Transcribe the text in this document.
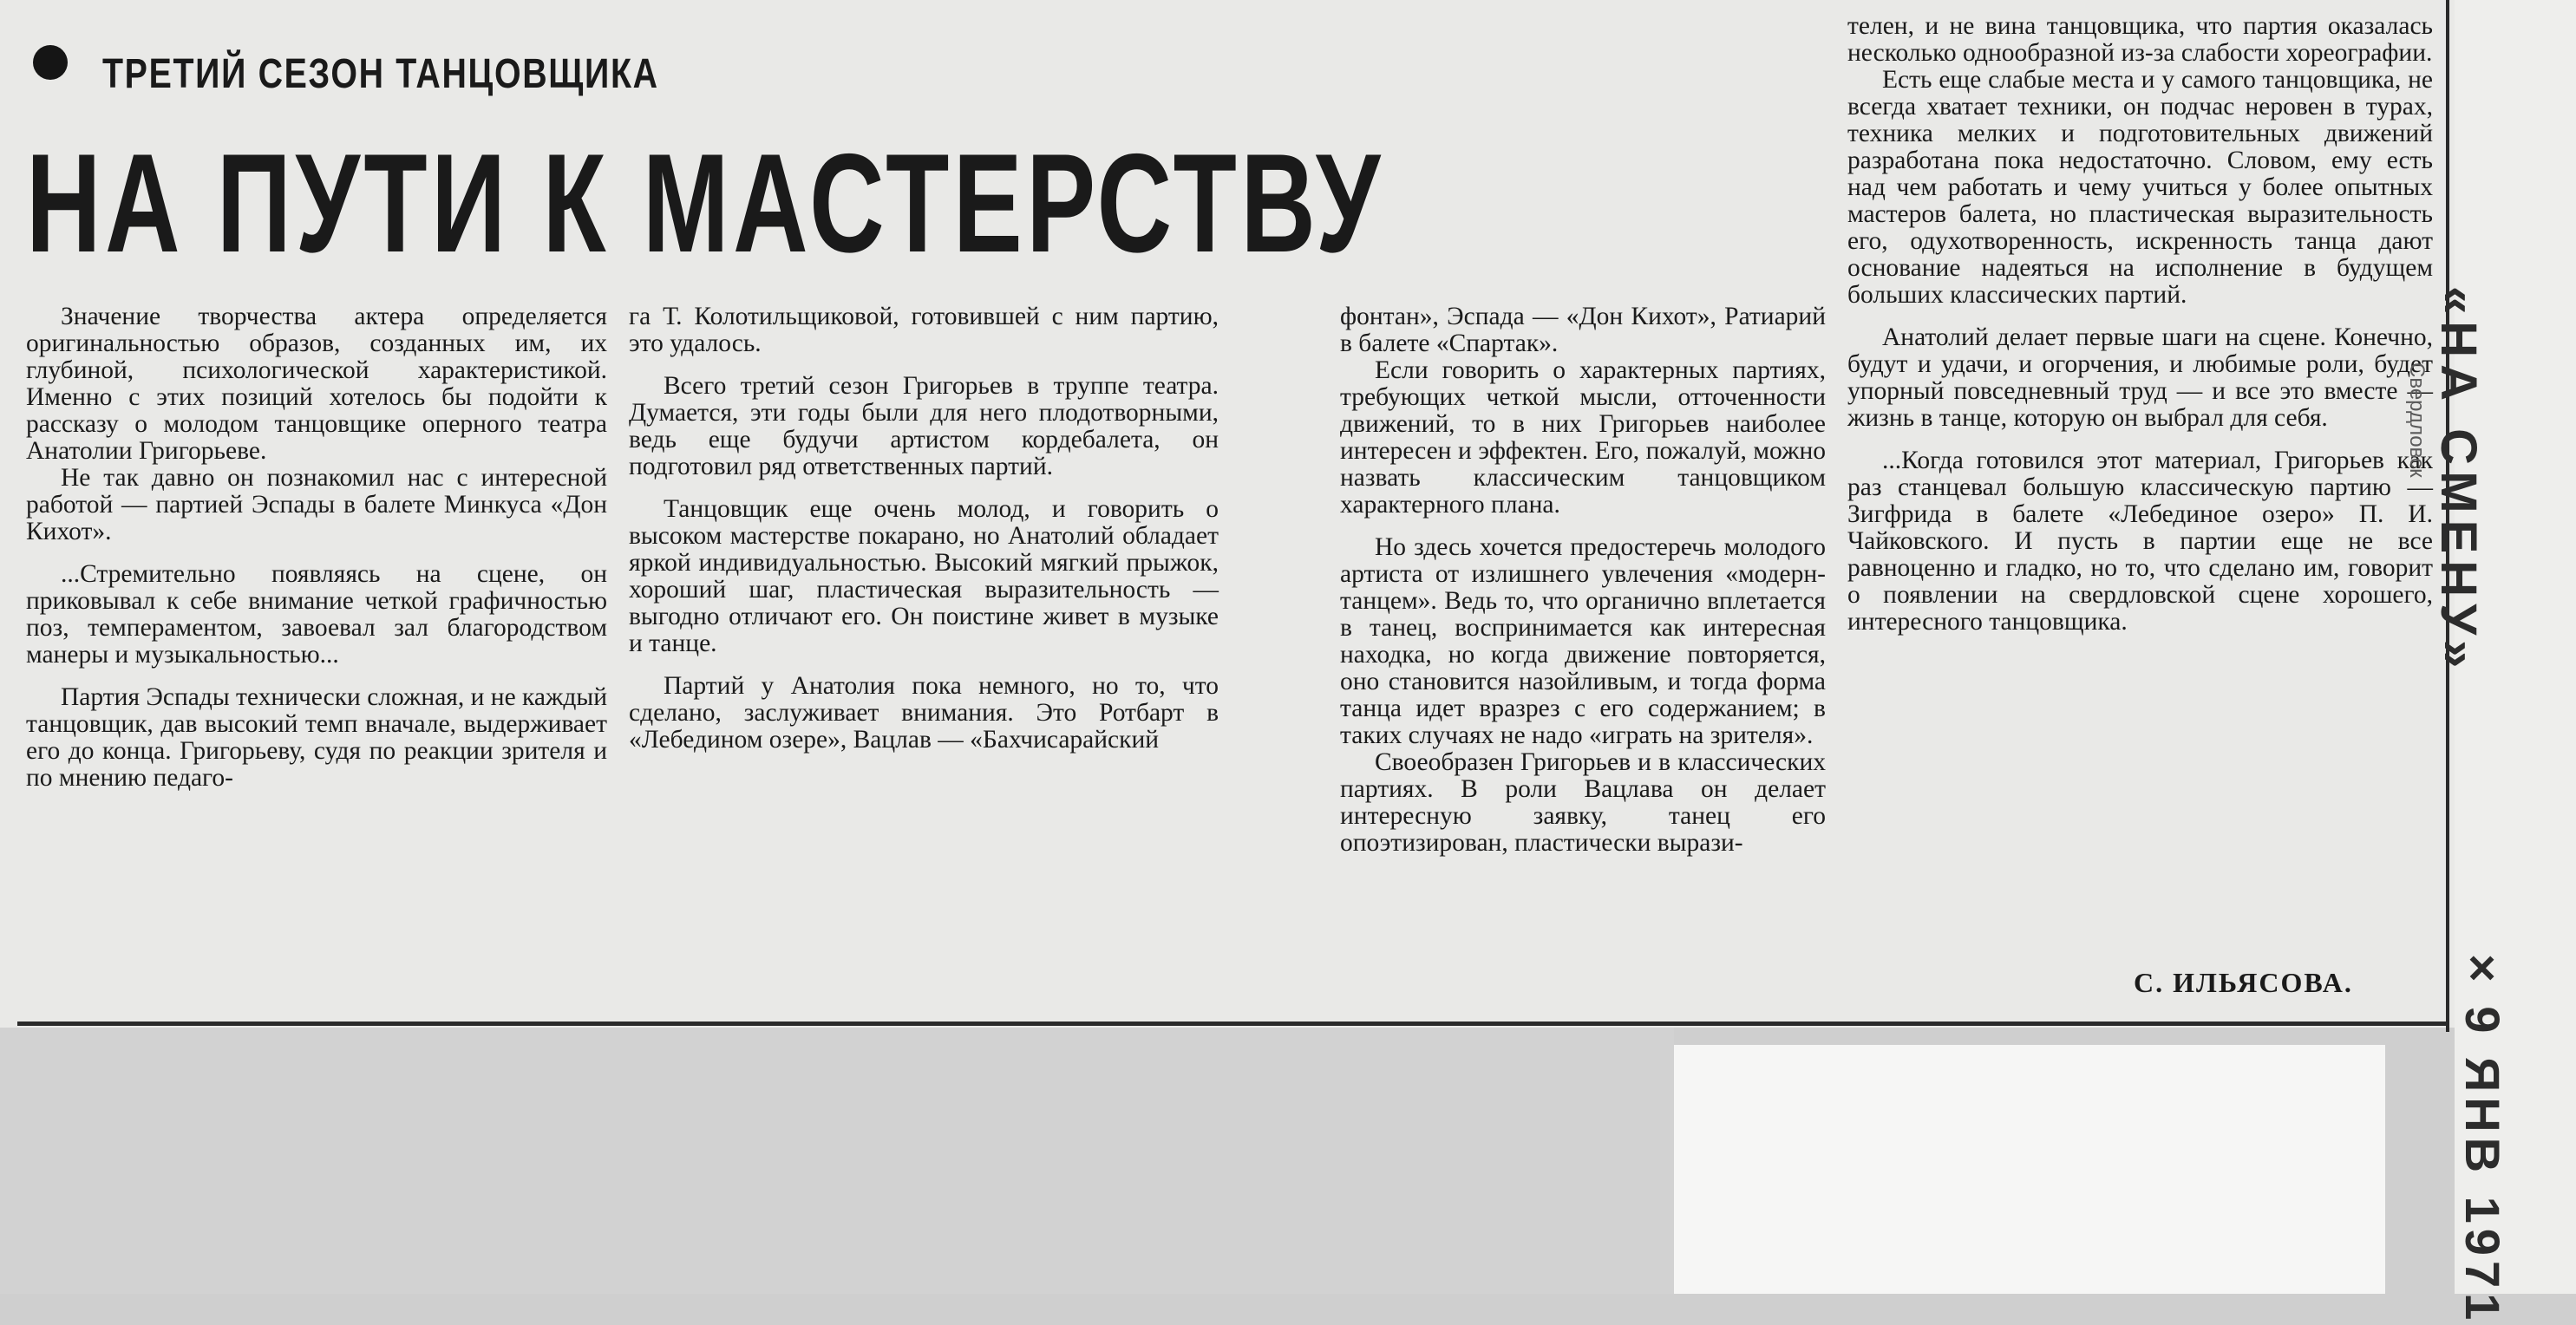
ТРЕТИЙ СЕЗОН ТАНЦОВЩИКА
НА ПУТИ К МАСТЕРСТВУ

Значение творчества актера определяется оригинальностью образов, созданных им, их глубиной, психологической характеристикой. Именно с этих позиций хотелось бы подойти к рассказу о молодом танцовщике оперного театра Анатолии Григорьеве.

Не так давно он познакомил нас с интересной работой — партией Эспады в балете Минкуса «Дон Кихот».

...Стремительно появляясь на сцене, он приковывал к себе внимание четкой графичностью поз, темпераментом, завоевал зал благородством манеры и музыкальностью...

Партия Эспады технически сложная, и не каждый танцовщик, дав высокий темп вначале, выдерживает его до конца. Григорьеву, судя по реакции зрителя и по мнению педаго-

га Т. Колотильщиковой, готовившей с ним партию, это удалось.

Всего третий сезон Григорьев в труппе театра. Думается, эти годы были для него плодотворными, ведь еще будучи артистом кордебалета, он подготовил ряд ответственных партий.

Танцовщик еще очень молод, и говорить о высоком мастерстве покарано, но Анатолий обладает яркой индивидуальностью. Высокий мягкий прыжок, хороший шаг, пластическая выразительность — выгодно отличают его. Он поистине живет в музыке и танце.

Партий у Анатолия пока немного, но то, что сделано, заслуживает внимания. Это Ротбарт в «Лебедином озере», Вацлав — «Бахчисарайский

фонтан», Эспада — «Дон Кихот», Ратиарий в балете «Спартак».

Если говорить о характерных партиях, требующих четкой мысли, отточенности движений, то в них Григорьев наиболее интересен и эффектен. Его, пожалуй, можно назвать классическим танцовщиком характерного плана.

Но здесь хочется предостеречь молодого артиста от излишнего увлечения «модерн-танцем». Ведь то, что органично вплетается в танец, воспринимается как интересная находка, но когда движение повторяется, оно становится назойливым, и тогда форма танца идет вразрез с его содержанием; в таких случаях не надо «играть на зрителя».

Своеобразен Григорьев и в классических партиях. В роли Вацлава он делает интересную заявку, танец его опоэтизирован, пластически вырази-

телен, и не вина танцовщика, что партия оказалась несколько однообразной из-за слабости хореографии.

Есть еще слабые места и у самого танцовщика, не всегда хватает техники, он подчас неровен в турах, техника мелких и подготовительных движений разработана пока недостаточно. Словом, ему есть над чем работать и чему учиться у более опытных мастеров балета, но пластическая выразительность его, одухотворенность, искренность танца дают основание надеяться на исполнение в будущем больших классических партий.

Анатолий делает первые шаги на сцене. Конечно, будут и удачи, и огорчения, и любимые роли, будет упорный повседневный труд — и все это вместе — жизнь в танце, которую он выбрал для себя.

...Когда готовился этот материал, Григорьев как раз станцевал большую классическую партию — Зигфрида в балете «Лебединое озеро» П. И. Чайковского. И пусть в партии еще не все равноценно и гладко, но то, что сделано им, говорит о появлении на свердловской сцене хорошего, интересного танцовщика.

С. ИЛЬЯСОВА.
«НА СМЕНУ»
Свердловск
× 9 ЯНВ 1971
